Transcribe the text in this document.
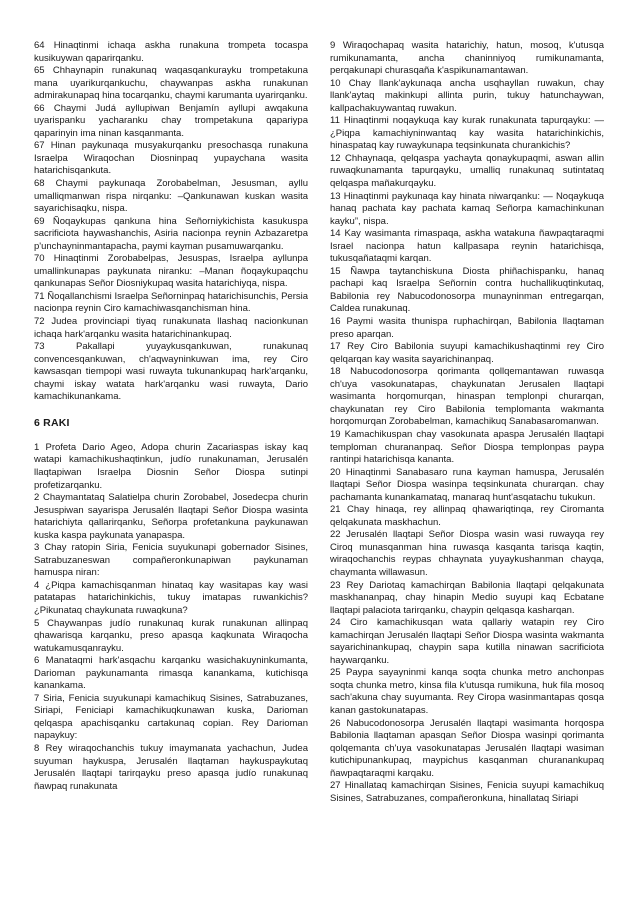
64 Hinaqtinmi ichaqa askha runakuna trompeta tocaspa kusikuywan qaparirqanku.

65 Chhaynapin runakunaq waqasqankurayku trompetakuna mana uyarikurqankuchu, chaywanpas askha runakunan admirakunapaq hina tocarqanku, chaymi karumanta uyarirqanku.

66 Chaymi Judá ayllupiwan Benjamín ayllupi awqakuna uyarispanku yacharanku chay trompetakuna qapariypa qaparinyin ima ninan kasqanmanta.

67 Hinan paykunaqa musyakurqanku presochasqa runakuna Israelpa Wiraqochan Diosninpaq yupaychana wasita hatarichisqankuta.

68 Chaymi paykunaqa Zorobabelman, Jesusman, ayllu umalliqmanwan rispa nirqanku: –Qankunawan kuskan wasita sayarichisaqku, nispa.

69 Ñoqaykupas qankuna hina Señorniykichista kasukuspa sacrificiota haywashanchis, Asiria nacionpa reynin Azbazaretpa p'unchayninmantapacha, paymi kayman pusamuwarqanku.

70 Hinaqtinmi Zorobabelpas, Jesuspas, Israelpa ayllunpa umallinkunapas paykunata niranku: –Manan ñoqaykupaqchu qankunapas Señor Diosniykupaq wasita hatarichiyqa, nispa.

71 Ñoqallanchismi Israelpa Señorninpaq hatarichisunchis, Persia nacionpa reynin Ciro kamachiwasqanchisman hina.

72 Judea provinciapi tiyaq runakunata llashaq nacionkunan ichaqa hark'arqanku wasita hatarichinankupaq.

73 Pakallapi yuyaykusqankuwan, runakunaq convencesqankuwan, ch'aqwayninkuwan ima, rey Ciro kawsasqan tiempopi wasi ruwayta tukunankupaq hark'arqanku, chaymi iskay watata hark'arqanku wasi ruwayta, Dario kamachikunankama.

6 RAKI

1 Profeta Dario Ageo, Adopa churin Zacariaspas iskay kaq watapi kamachikushaqtinkun, judío runakunaman, Jerusalén llaqtapiwan Israelpa Diosnin Señor Diospa sutinpi profetizarqanku.

2 Chaymantataq Salatielpa churin Zorobabel, Josedecpa churin Jesuspiwan sayarispa Jerusalén llaqtapi Señor Diospa wasinta hatarichiyta qallarirqanku, Señorpa profetankuna paykunawan kuska kaspa paykunata yanapaspa.

3 Chay ratopin Siria, Fenicia suyukunapi gobernador Sisines, Satrabuzaneswan compañeronkunapiwan paykunaman hamuspa niran:

4 ¿Piqpa kamachisqanman hinataq kay wasitapas kay wasi patatapas hatarichinkichis, tukuy imatapas ruwankichis? ¿Pikunataq chaykunata ruwaqkuna?

5 Chaywanpas judío runakunaq kurak runakunan allinpaq qhawarisqa karqanku, preso apasqa kaqkunata Wiraqocha watukamusqanrayku.

6 Manataqmi hark'asqachu karqanku wasichakuyninkumanta, Darioman paykunamanta rimasqa kanankama, kutichisqa kanankama.

7 Siria, Fenicia suyukunapi kamachikuq Sisines, Satrabuzanes, Siriapi, Feniciapi kamachikuqkunawan kuska, Darioman qelqaspa apachisqanku cartakunaq copian. Rey Darioman napaykuy:

8 Rey wiraqochanchis tukuy imaymanata yachachun, Judea suyuman haykuspa, Jerusalén llaqtaman haykuspaykutaq Jerusalén llaqtapi tarirqayku preso apasqa judío runakunaq ñawpaq runakunata

9 Wiraqochapaq wasita hatarichiy, hatun, mosoq, k'utusqa rumikunamanta, ancha chaninniyoq rumikunamanta, perqakunapi churasqaña k'aspikunamantawan.

10 Chay llank'aykunaqa ancha usqhayllan ruwakun, chay llank'aytaq makinkupi allinta purin, tukuy hatunchaywan, kallpachakuywantaq ruwakun.

11 Hinaqtinmi noqaykuqa kay kurak runakunata tapurqayku: —¿Piqpa kamachiyninwantaq kay wasita hatarichinkichis, hinaspataq kay ruwaykunapa teqsinkunata churankichis?

12 Chhaynaqa, qelqaspa yachayta qonaykupaqmi, aswan allin ruwaqkunamanta tapurqayku, umalliq runakunaq sutintataq qelqaspa mañakurqayku.

13 Hinaqtinmi paykunaqa kay hinata niwarqanku: — Noqaykuqa hanaq pachata kay pachata kamaq Señorpa kamachinkunan kayku”, nispa.

14 Kay wasimanta rimaspaqa, askha watakuna ñawpaqtaraqmi Israel nacionpa hatun kallpasapa reynin hatarichisqa, tukusqañataqmi karqan.

15 Ñawpa taytanchiskuna Diosta phiñachispanku, hanaq pachapi kaq Israelpa Señornin contra huchallikuqtinkutaq, Babilonia rey Nabucodonosorpa munayninman entregarqan, Caldea runakunaq.

16 Paymi wasita thunispa ruphachirqan, Babilonia llaqtaman preso aparqan.

17 Rey Ciro Babilonia suyupi kamachikushaqtinmi rey Ciro qelqarqan kay wasita sayarichinanpaq.

18 Nabucodonosorpa qorimanta qollqemantawan ruwasqa ch'uya vasokunatapas, chaykunatan Jerusalen llaqtapi wasimanta horqomurqan, hinaspan templonpi churarqan, chaykunatan rey Ciro Babilonia templomanta wakmanta horqomurqan Zorobabelman, kamachikuq Sanabasaromanwan.

19 Kamachikuspan chay vasokunata apaspa Jerusalén llaqtapi temploman churananpaq. Señor Diospa templonpas paypa rantinpi hatarichisqa kananta.

20 Hinaqtinmi Sanabasaro runa kayman hamuspa, Jerusalén llaqtapi Señor Diospa wasinpa teqsinkunata churarqan. chay pachamanta kunankamataq, manaraq hunt'asqatachu tukukun.

21 Chay hinaqa, rey allinpaq qhawariqtinqa, rey Ciromanta qelqakunata maskhachun.

22 Jerusalén llaqtapi Señor Diospa wasin wasi ruwayqa rey Ciroq munasqanman hina ruwasqa kasqanta tarisqa kaqtin, wiraqochanchis reypas chhaynata yuyaykushanman chayqa, chaymanta willawasun.

23 Rey Dariotaq kamachirqan Babilonia llaqtapi qelqakunata maskhananpaq, chay hinapin Medio suyupi kaq Ecbatane llaqtapi palaciota tarirqanku, chaypin qelqasqa kasharqan.

24 Ciro kamachikusqan wata qallariy watapin rey Ciro kamachirqan Jerusalén llaqtapi Señor Diospa wasinta wakmanta sayarichinankupaq, chaypin sapa kutilla ninawan sacrificiota haywarqanku.

25 Paypa sayayninmi kanqa soqta chunka metro anchonpas soqta chunka metro, kinsa fila k'utusqa rumikuna, huk fila mosoq sach'akuna chay suyumanta. Rey Ciropa wasinmantapas qosqa kanan gastokunatapas.

26 Nabucodonosorpa Jerusalén llaqtapi wasimanta horqospa Babilonia llaqtaman apasqan Señor Diospa wasinpi qorimanta qolqemanta ch'uya vasokunatapas Jerusalén llaqtapi wasiman kutichipunankupaq, maypichus kasqanman churanankupaq ñawpaqtaraqmi karqaku.

27 Hinallataq kamachirqan Sisines, Fenicia suyupi kamachikuq Sisines, Satrabuzanes, compañeronkuna, hinallataq Siriapi
